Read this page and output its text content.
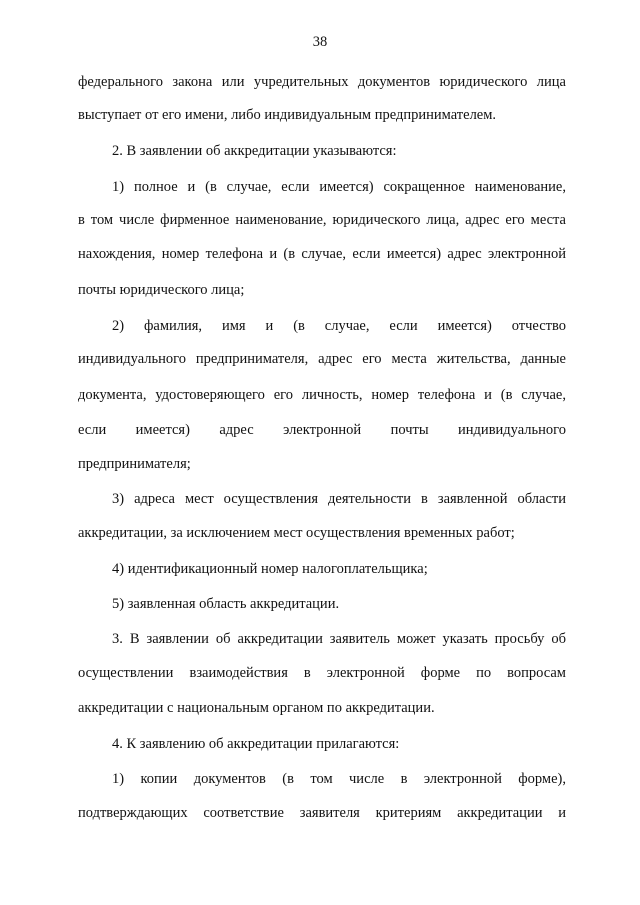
38
федерального закона или учредительных документов юридического лица
выступает от его имени, либо индивидуальным предпринимателем.
2. В заявлении об аккредитации указываются:
1) полное и (в случае, если имеется) сокращенное наименование,
в том числе фирменное наименование, юридического лица, адрес его места
нахождения, номер телефона и (в случае, если имеется) адрес электронной
почты юридического лица;
2) фамилия, имя и (в случае, если имеется) отчество
индивидуального предпринимателя, адрес его места жительства, данные
документа, удостоверяющего его личность, номер телефона и (в случае,
если имеется) адрес электронной почты индивидуального
предпринимателя;
3) адреса мест осуществления деятельности в заявленной области
аккредитации, за исключением мест осуществления временных работ;
4) идентификационный номер налогоплательщика;
5) заявленная область аккредитации.
3. В заявлении об аккредитации заявитель может указать просьбу об
осуществлении взаимодействия в электронной форме по вопросам
аккредитации с национальным органом по аккредитации.
4. К заявлению об аккредитации прилагаются:
1) копии документов (в том числе в электронной форме),
подтверждающих соответствие заявителя критериям аккредитации и
